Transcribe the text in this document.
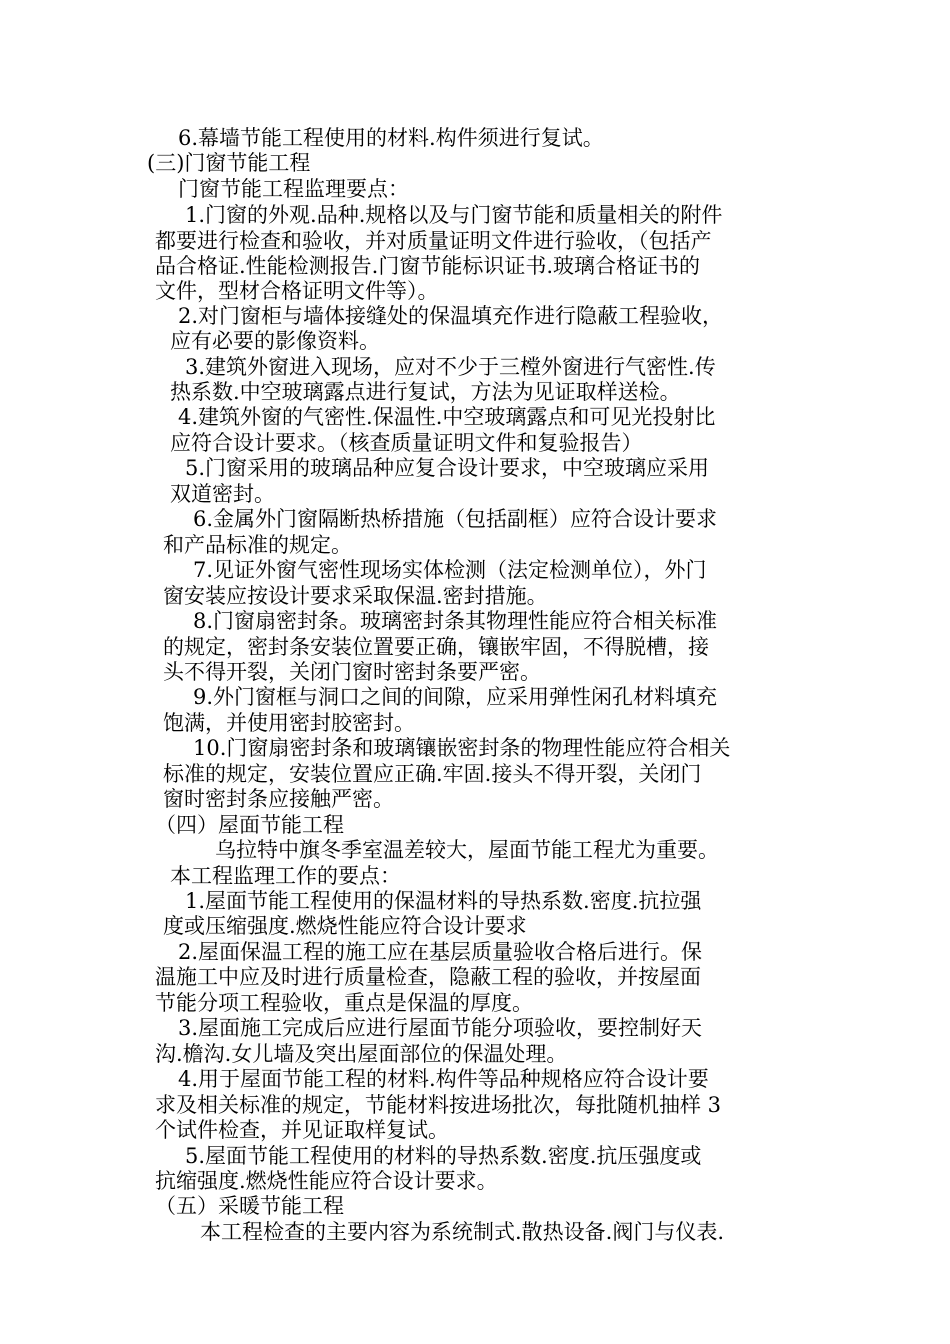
6.幕墙节能工程使用的材料.构件须进行复试。
(三)门窗节能工程
门窗节能工程监理要点：
1.门窗的外观.品种.规格以及与门窗节能和质量相关的附件
都要进行检查和验收，并对质量证明文件进行验收，（包括产
品合格证.性能检测报告.门窗节能标识证书.玻璃合格证书的
文件，型材合格证明文件等）。
2.对门窗柜与墙体接缝处的保温填充作进行隐蔽工程验收，
应有必要的影像资料。
3.建筑外窗进入现场，应对不少于三樘外窗进行气密性.传
热系数.中空玻璃露点进行复试，方法为见证取样送检。
4.建筑外窗的气密性.保温性.中空玻璃露点和可见光投射比
应符合设计要求。（核查质量证明文件和复验报告）
5.门窗采用的玻璃品种应复合设计要求，中空玻璃应采用
双道密封。
6.金属外门窗隔断热桥措施（包括副框）应符合设计要求
和产品标准的规定。
7.见证外窗气密性现场实体检测（法定检测单位），外门
窗安装应按设计要求采取保温.密封措施。
8.门窗扇密封条。玻璃密封条其物理性能应符合相关标准
的规定，密封条安装位置要正确，镶嵌牢固，不得脱槽，接
头不得开裂，关闭门窗时密封条要严密。
9.外门窗框与洞口之间的间隙，应采用弹性闲孔材料填充
饱满，并使用密封胶密封。
10.门窗扇密封条和玻璃镶嵌密封条的物理性能应符合相关
标准的规定，安装位置应正确.牢固.接头不得开裂，关闭门
窗时密封条应接触严密。
（四）屋面节能工程
乌拉特中旗冬季室温差较大，屋面节能工程尤为重要。
本工程监理工作的要点：
1.屋面节能工程使用的保温材料的导热系数.密度.抗拉强
度或压缩强度.燃烧性能应符合设计要求
2.屋面保温工程的施工应在基层质量验收合格后进行。保
温施工中应及时进行质量检查，隐蔽工程的验收，并按屋面
节能分项工程验收，重点是保温的厚度。
3.屋面施工完成后应进行屋面节能分项验收，要控制好天
沟.檐沟.女儿墙及突出屋面部位的保温处理。
4.用于屋面节能工程的材料.构件等品种规格应符合设计要
求及相关标准的规定，节能材料按进场批次，每批随机抽样 3
个试件检查，并见证取样复试。
5.屋面节能工程使用的材料的导热系数.密度.抗压强度或
抗缩强度.燃烧性能应符合设计要求。
（五）采暖节能工程
本工程检查的主要内容为系统制式.散热设备.阀门与仪表.
